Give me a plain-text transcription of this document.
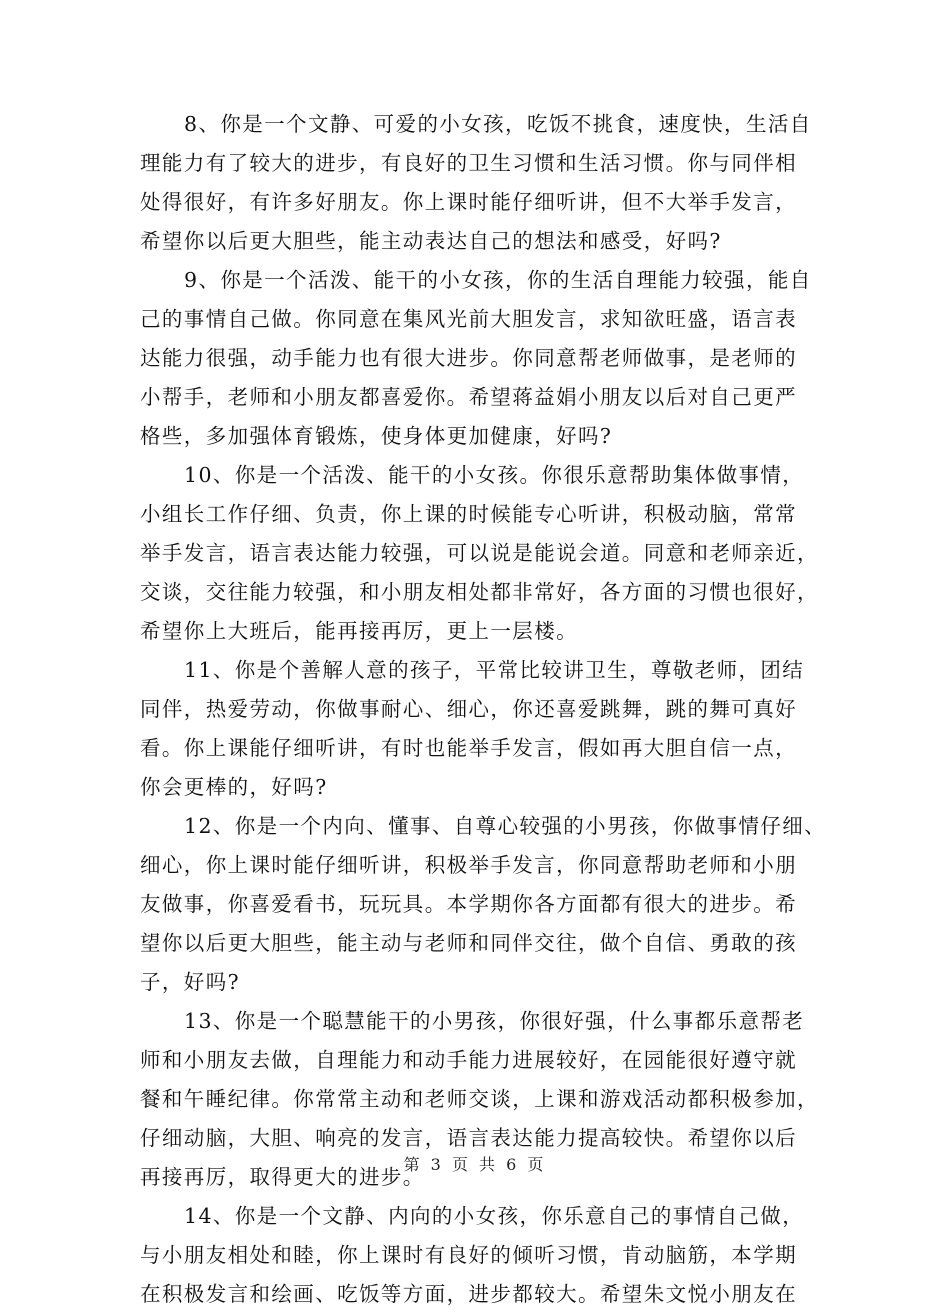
8、你是一个文静、可爱的小女孩，吃饭不挑食，速度快，生活自
理能力有了较大的进步，有良好的卫生习惯和生活习惯。你与同伴相
处得很好，有许多好朋友。你上课时能仔细听讲，但不大举手发言，
希望你以后更大胆些，能主动表达自己的想法和感受，好吗?
9、你是一个活泼、能干的小女孩，你的生活自理能力较强，能自
己的事情自己做。你同意在集风光前大胆发言，求知欲旺盛，语言表
达能力很强，动手能力也有很大进步。你同意帮老师做事，是老师的
小帮手，老师和小朋友都喜爱你。希望蒋益娟小朋友以后对自己更严
格些，多加强体育锻炼，使身体更加健康，好吗?
10、你是一个活泼、能干的小女孩。你很乐意帮助集体做事情，
小组长工作仔细、负责，你上课的时候能专心听讲，积极动脑，常常
举手发言，语言表达能力较强，可以说是能说会道。同意和老师亲近，
交谈，交往能力较强，和小朋友相处都非常好，各方面的习惯也很好，
希望你上大班后，能再接再厉，更上一层楼。
11、你是个善解人意的孩子，平常比较讲卫生，尊敬老师，团结
同伴，热爱劳动，你做事耐心、细心，你还喜爱跳舞，跳的舞可真好
看。你上课能仔细听讲，有时也能举手发言，假如再大胆自信一点，
你会更棒的，好吗?
12、你是一个内向、懂事、自尊心较强的小男孩，你做事情仔细、
细心，你上课时能仔细听讲，积极举手发言，你同意帮助老师和小朋
友做事，你喜爱看书，玩玩具。本学期你各方面都有很大的进步。希
望你以后更大胆些，能主动与老师和同伴交往，做个自信、勇敢的孩
子，好吗?
13、你是一个聪慧能干的小男孩，你很好强，什么事都乐意帮老
师和小朋友去做，自理能力和动手能力进展较好，在园能很好遵守就
餐和午睡纪律。你常常主动和老师交谈，上课和游戏活动都积极参加，
仔细动脑，大胆、响亮的发言，语言表达能力提高较快。希望你以后
再接再厉，取得更大的进步。
14、你是一个文静、内向的小女孩，你乐意自己的事情自己做，
与小朋友相处和睦，你上课时有良好的倾听习惯，肯动脑筋，本学期
在积极发言和绘画、吃饭等方面，进步都较大。希望朱文悦小朋友在
第 3 页 共 6 页
